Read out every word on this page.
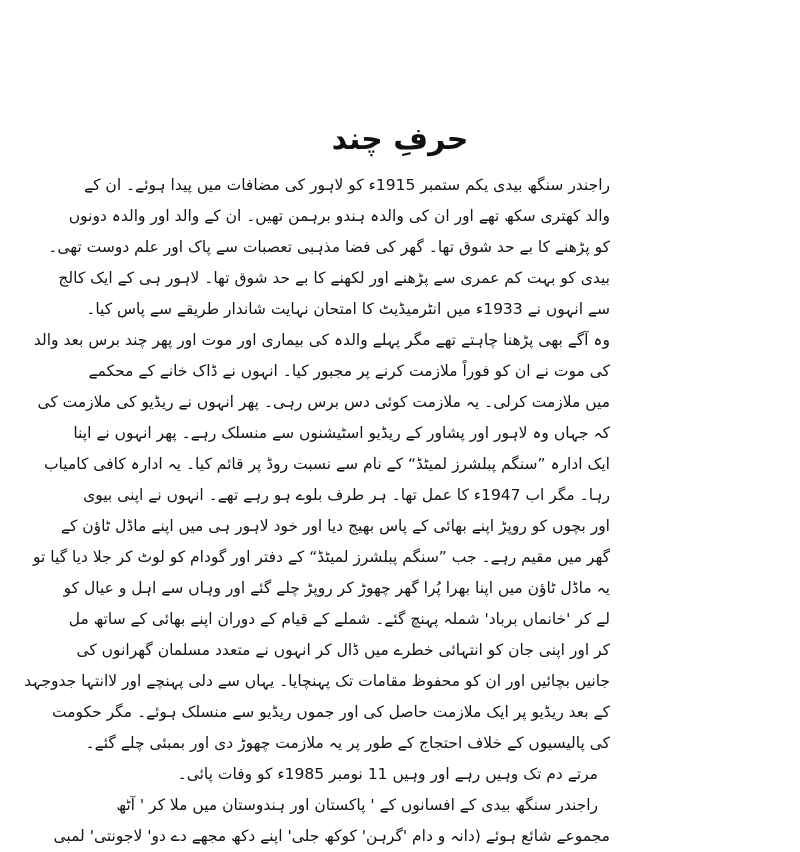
حرفِ چند
راجندر سنگھ بیدی یکم ستمبر 1915ء کو لاہور کی مضافات میں پیدا ہوئے۔ ان کے
والد کھتری سکھ تھے اور ان کی والدہ ہندو برہمن تھیں۔ ان کے والد اور والدہ دونوں
کو پڑھنے کا بے حد شوق تھا۔ گھر کی فضا مذہبی تعصبات سے پاک اور علم دوست تھی۔
بیدی کو بہت کم عمری سے پڑھنے اور لکھنے کا بے حد شوق تھا۔ لاہور ہی کے ایک کالج
سے انہوں نے 1933ء میں انٹرمیڈیٹ کا امتحان نہایت شاندار طریقے سے پاس کیا۔
وہ آگے بھی پڑھنا چاہتے تھے مگر پہلے والدہ کی بیماری اور موت اور پھر چند برس بعد والد
کی موت نے ان کو فوراً ملازمت کرنے پر مجبور کیا۔ انہوں نے ڈاک خانے کے محکمے
میں ملازمت کرلی۔ یہ ملازمت کوئی دس برس رہی۔ پھر انہوں نے ریڈیو کی ملازمت کی
کہ جہاں وہ لاہور اور پشاور کے ریڈیو اسٹیشنوں سے منسلک رہے۔ پھر انہوں نے اپنا
ایک ادارہ ”سنگم پبلشرز لمیٹڈ“ کے نام سے نسبت روڈ پر قائم کیا۔ یہ ادارہ کافی کامیاب
رہا۔ مگر اب 1947ء کا عمل تھا۔ ہر طرف بلوے ہو رہے تھے۔ انہوں نے اپنی بیوی
اور بچوں کو روپڑ اپنے بھائی کے پاس بھیج دیا اور خود لاہور ہی میں اپنے ماڈل ٹاؤن کے
گھر میں مقیم رہے۔ جب ”سنگم پبلشرز لمیٹڈ“ کے دفتر اور گودام کو لوٹ کر جلا دیا گیا تو
یہ ماڈل ٹاؤن میں اپنا بھرا پُرا گھر چھوڑ کر روپڑ چلے گئے اور وہاں سے اہل و عیال کو
لے کر 'خانماں برباد' شملہ پہنچ گئے۔ شملے کے قیام کے دوران اپنے بھائی کے ساتھ مل
کر اور اپنی جان کو انتہائی خطرے میں ڈال کر انہوں نے متعدد مسلمان گھرانوں کی
جانیں بچائیں اور ان کو محفوظ مقامات تک پہنچایا۔ یہاں سے دلی پہنچے اور لاانتہا جدوجہد
کے بعد ریڈیو پر ایک ملازمت حاصل کی اور جموں ریڈیو سے منسلک ہوئے۔ مگر حکومت
کی پالیسیوں کے خلاف احتجاج کے طور پر یہ ملازمت چھوڑ دی اور بمبئی چلے گئے۔
مرتے دم تک وہیں رہے اور وہیں 11 نومبر 1985ء کو وفات پائی۔
راجندر سنگھ بیدی کے افسانوں کے ' پاکستان اور ہندوستان میں ملا کر ' آٹھ
مجموعے شائع ہوئے (دانہ و دام 'گرہن' کوکھ جلی' اپنے دکھ مجھے دے دو' لاجونتی' لمبی
